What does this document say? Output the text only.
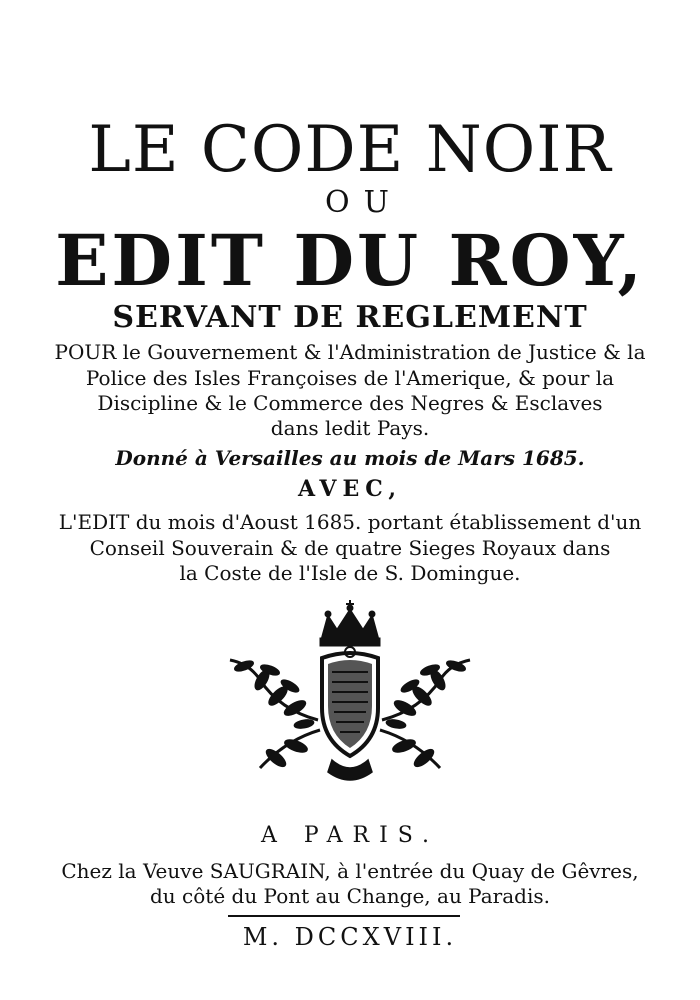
LE CODE NOIR
OU
EDIT DU ROY,
SERVANT DE REGLEMENT
POUR le Gouvernement & l'Administration de Justice & la
Police des Isles Françoises de l'Amerique, & pour la
Discipline & le Commerce des Negres & Esclaves
dans ledit Pays.
Donné à Versailles au mois de Mars 1685.
AVEC,
L'EDIT du mois d'Aoust 1685. portant établissement d'un
Conseil Souverain & de quatre Sieges Royaux dans
la Coste de l'Isle de S. Domingue.
A PARIS.
Chez la Veuve SAUGRAIN, à l'entrée du Quay de Gêvres,
du côté du Pont au Change, au Paradis.
M. DCCXVIII.
